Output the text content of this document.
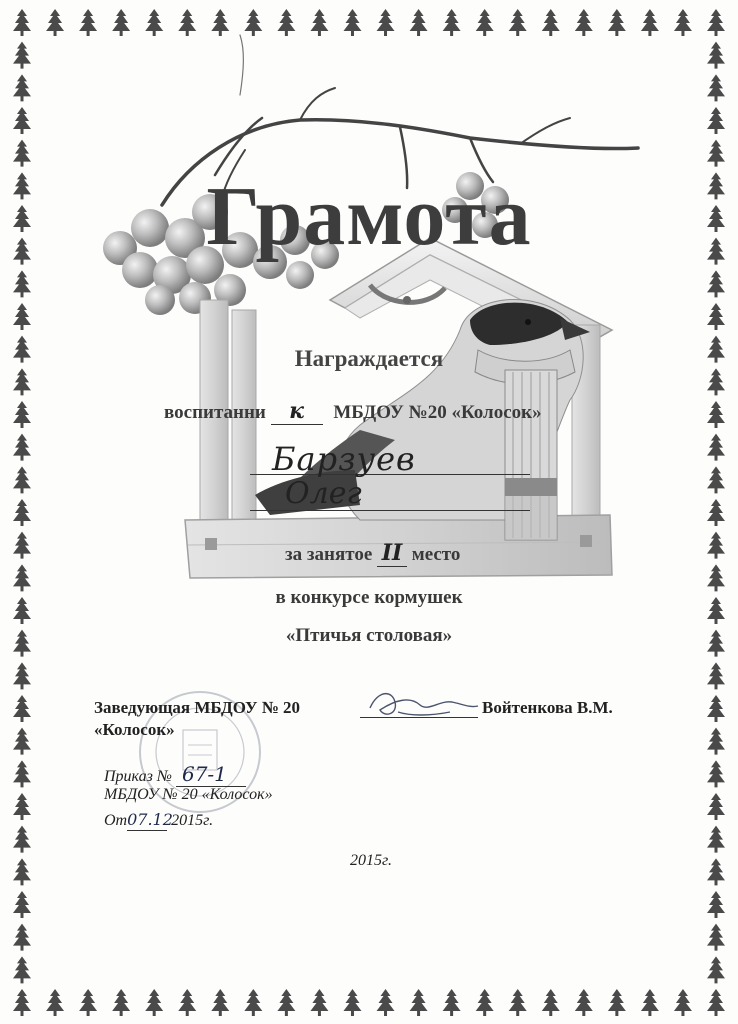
Грамота
Награждается
воспитанни к МБДОУ №20 «Колосок»
Барзуев
Олег
за занятое II место
в конкурсе кормушек
«Птичья столовая»
Заведующая МБДОУ № 20
«Колосок»
Войтенкова В.М.
Приказ № 67-1
МБДОУ № 20 «Колосок»
От07.12 2015г.
2015г.
